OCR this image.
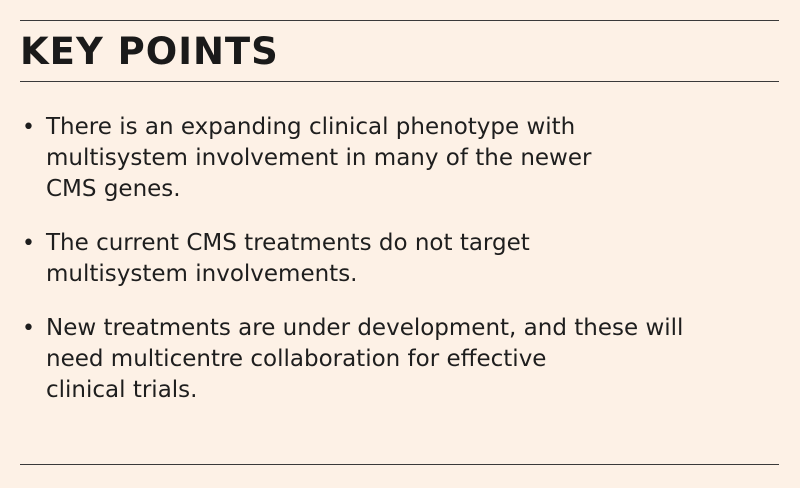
KEY POINTS
• There is an expanding clinical phenotype with
multisystem involvement in many of the newer
CMS genes.
• The current CMS treatments do not target
multisystem involvements.
• New treatments are under development, and these will
need multicentre collaboration for effective
clinical trials.
